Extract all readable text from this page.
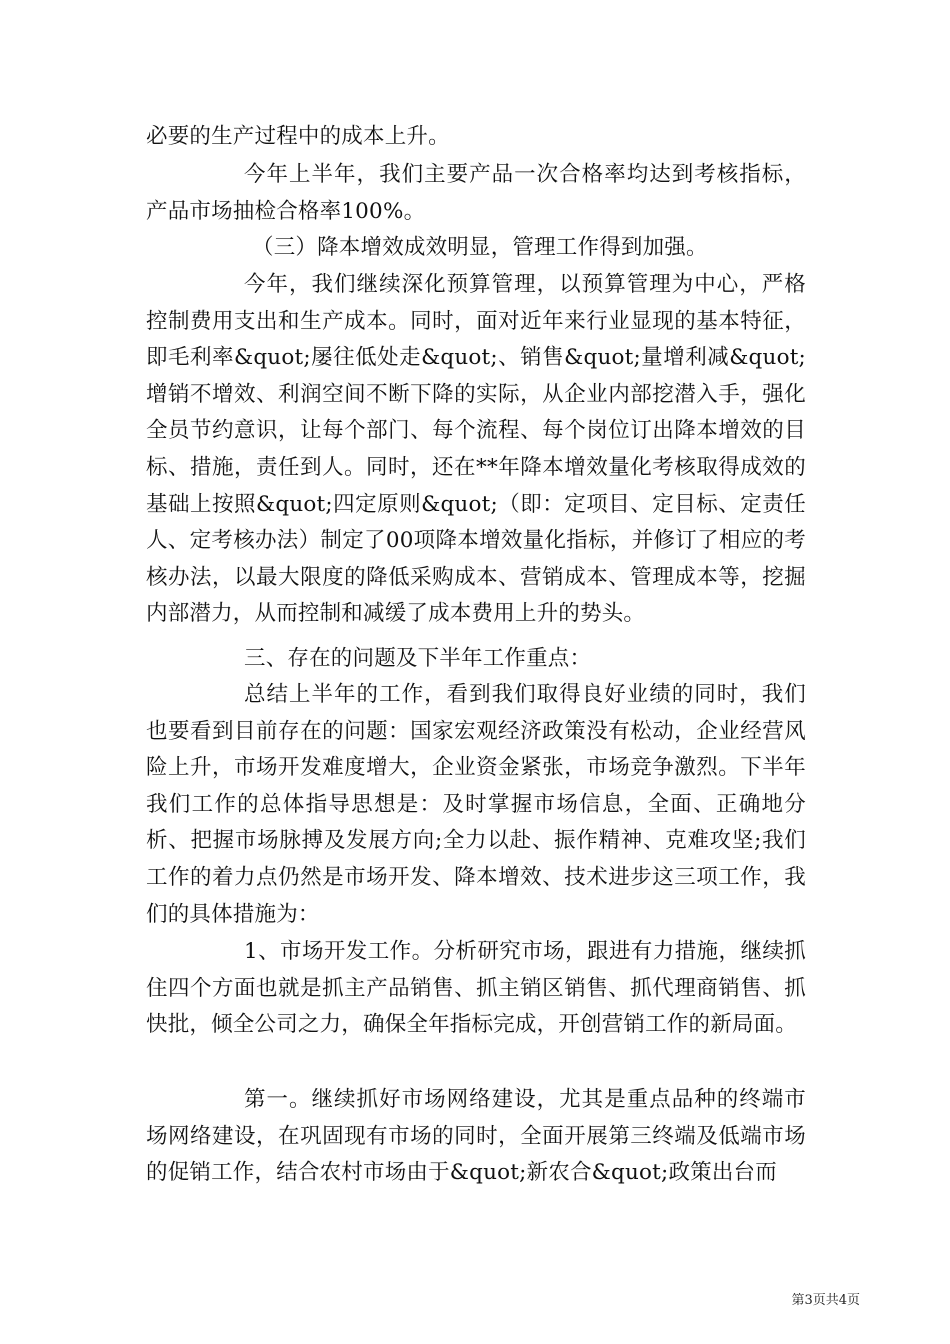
必要的生产过程中的成本上升。

今年上半年，我们主要产品一次合格率均达到考核指标，产品市场抽检合格率100%。

（三）降本增效成效明显，管理工作得到加强。

今年，我们继续深化预算管理，以预算管理为中心，严格控制费用支出和生产成本。同时，面对近年来行业显现的基本特征，即毛利率&quot;屡往低处走&quot;、销售&quot;量增利减&quot;增销不增效、利润空间不断下降的实际，从企业内部挖潜入手，强化全员节约意识，让每个部门、每个流程、每个岗位订出降本增效的目标、措施，责任到人。同时，还在**年降本增效量化考核取得成效的基础上按照&quot;四定原则&quot;（即：定项目、定目标、定责任人、定考核办法）制定了00项降本增效量化指标，并修订了相应的考核办法，以最大限度的降低采购成本、营销成本、管理成本等，挖掘内部潜力，从而控制和减缓了成本费用上升的势头。

三、存在的问题及下半年工作重点：

总结上半年的工作，看到我们取得良好业绩的同时，我们也要看到目前存在的问题：国家宏观经济政策没有松动，企业经营风险上升，市场开发难度增大，企业资金紧张，市场竞争激烈。下半年我们工作的总体指导思想是：及时掌握市场信息，全面、正确地分析、把握市场脉搏及发展方向;全力以赴、振作精神、克难攻坚;我们工作的着力点仍然是市场开发、降本增效、技术进步这三项工作，我们的具体措施为：

1、市场开发工作。分析研究市场，跟进有力措施，继续抓住四个方面也就是抓主产品销售、抓主销区销售、抓代理商销售、抓快批，倾全公司之力，确保全年指标完成，开创营销工作的新局面。

第一。继续抓好市场网络建设，尤其是重点品种的终端市场网络建设，在巩固现有市场的同时，全面开展第三终端及低端市场的促销工作，结合农村市场由于&quot;新农合&quot;政策出台而

第3页共4页
